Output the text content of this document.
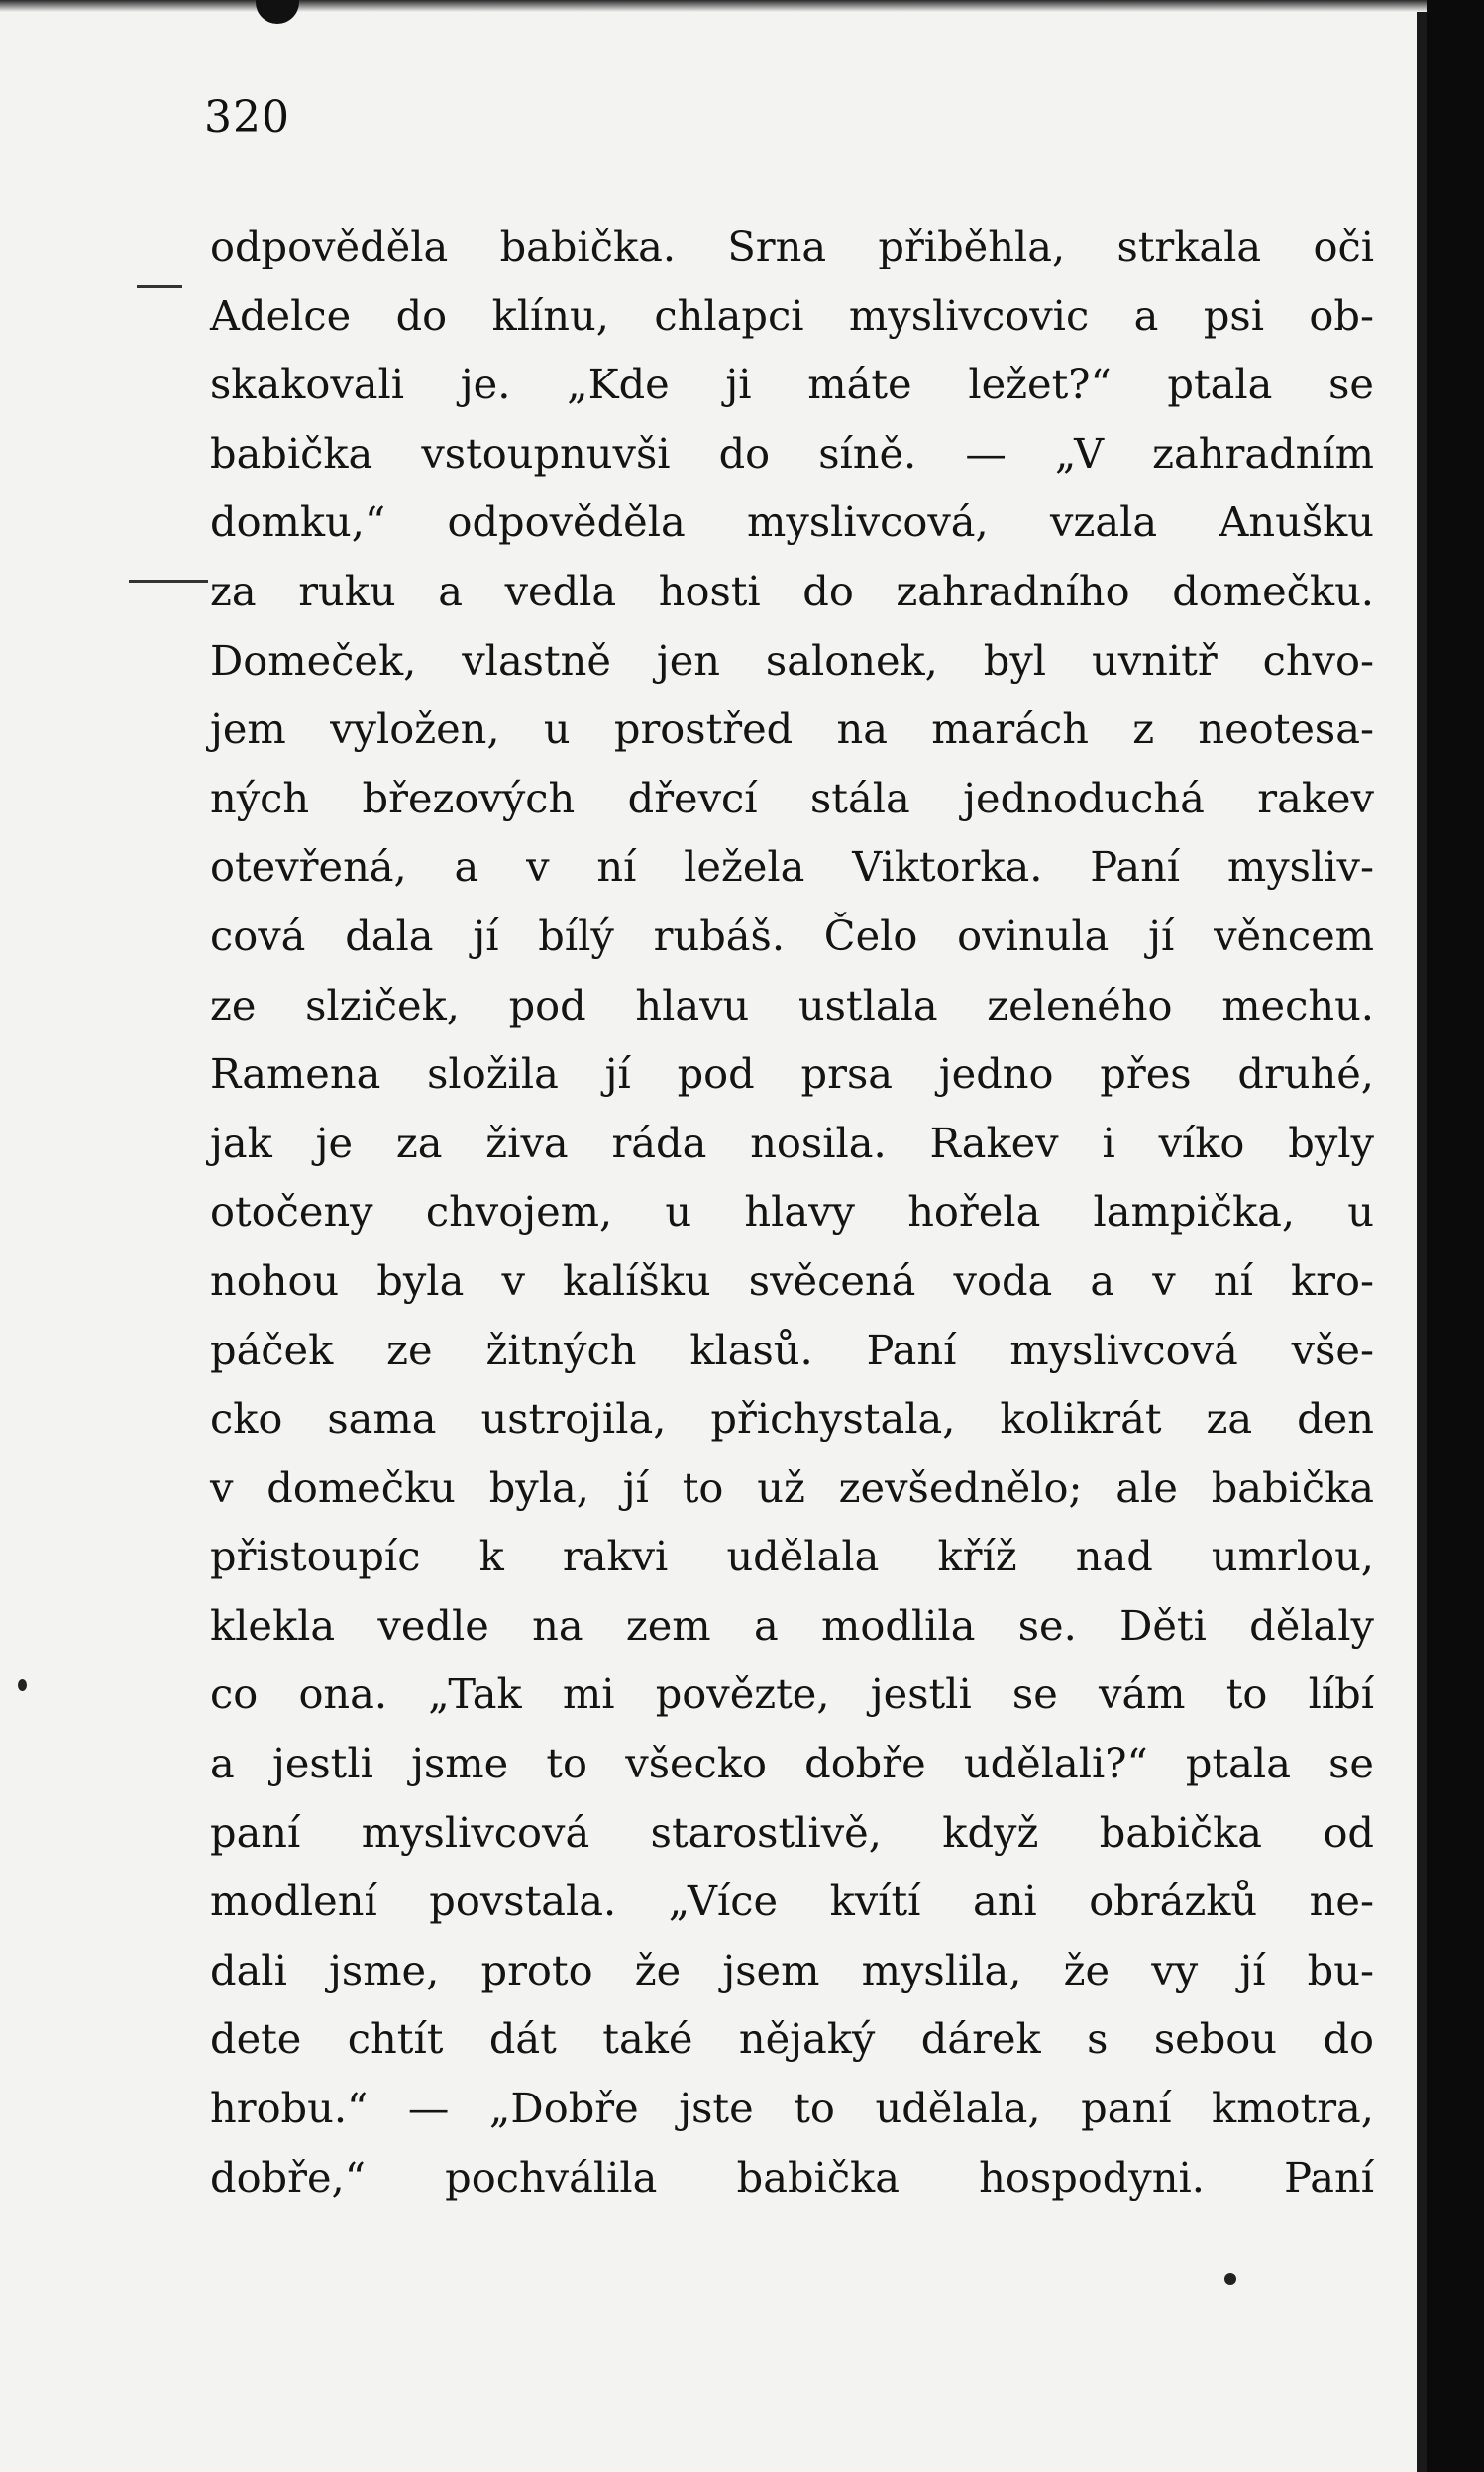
320
odpověděla babička. Srna přiběhla, strkala oči
Adelce do klínu, chlapci myslivcovic a psi ob-
skakovali je. „Kde ji máte ležet?“ ptala se
babička vstoupnuvši do síně. — „V zahradním
domku,“ odpověděla myslivcová, vzala Anušku
za ruku a vedla hosti do zahradního domečku.
Domeček, vlastně jen salonek, byl uvnitř chvo-
jem vyložen, u prostřed na marách z neotesa-
ných březových dřevcí stála jednoduchá rakev
otevřená, a v ní ležela Viktorka. Paní mysliv-
cová dala jí bílý rubáš. Čelo ovinula jí věncem
ze slziček, pod hlavu ustlala zeleného mechu.
Ramena složila jí pod prsa jedno přes druhé,
jak je za živa ráda nosila. Rakev i víko byly
otočeny chvojem, u hlavy hořela lampička, u
nohou byla v kalíšku svěcená voda a v ní kro-
páček ze žitných klasů. Paní myslivcová vše-
cko sama ustrojila, přichystala, kolikrát za den
v domečku byla, jí to už zevšednělo; ale babička
přistoupíc k rakvi udělala kříž nad umrlou,
klekla vedle na zem a modlila se. Děti dělaly
co ona. „Tak mi povězte, jestli se vám to líbí
a jestli jsme to všecko dobře udělali?“ ptala se
paní myslivcová starostlivě, když babička od
modlení povstala. „Více kvítí ani obrázků ne-
dali jsme, proto že jsem myslila, že vy jí bu-
dete chtít dát také nějaký dárek s sebou do
hrobu.“ — „Dobře jste to udělala, paní kmotra,
dobře,“ pochválila babička hospodyni. Paní
